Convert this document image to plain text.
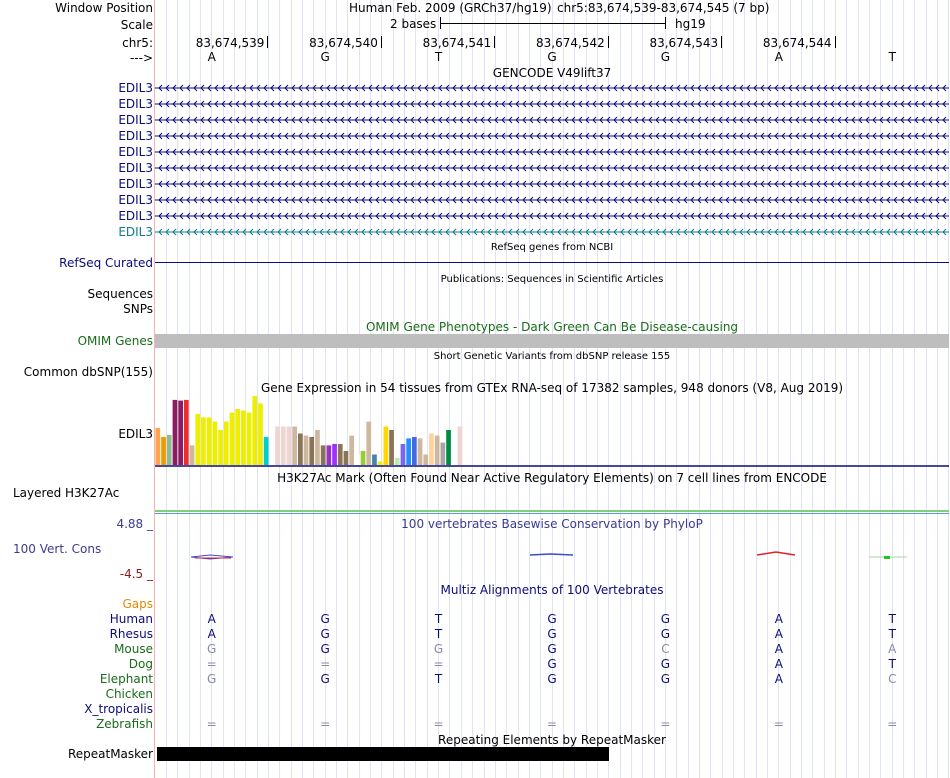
Window Position
Scale
chr5:
--->
Human Feb. 2009 (GRCh37/hg19) chr5:83,674,539-83,674,545 (7 bp)
2 bases	hg19
83,674,539	83,674,540	83,674,541	83,674,542	83,674,543	83,674,544
A	G	T	G	G	A	T
GENCODE V49lift37
EDIL3
EDIL3
EDIL3
EDIL3
EDIL3
EDIL3
EDIL3
EDIL3
EDIL3
EDIL3
RefSeq genes from NCBI
RefSeq Curated
Publications: Sequences in Scientific Articles
Sequences
SNPs
OMIM Gene Phenotypes - Dark Green Can Be Disease-causing
OMIM Genes
Short Genetic Variants from dbSNP release 155
Common dbSNP(155)
Gene Expression in 54 tissues from GTEx RNA-seq of 17382 samples, 948 donors (V8, Aug 2019)
EDIL3
H3K27Ac Mark (Often Found Near Active Regulatory Elements) on 7 cell lines from ENCODE
Layered H3K27Ac
100 vertebrates Basewise Conservation by PhyloP
4.88 _
100 Vert. Cons
-4.5 _
Multiz Alignments of 100 Vertebrates
Gaps
Human	A	G	T	G	G	A	T
Rhesus	A	G	T	G	G	A	T
Mouse	G	G	G	G	C	A	A
Dog	=	=	=	G	G	A	T
Elephant	G	G	T	G	G	A	C
Chicken
X_tropicalis
Zebrafish	=	=	=	=	=	=	=
Repeating Elements by RepeatMasker
RepeatMasker
